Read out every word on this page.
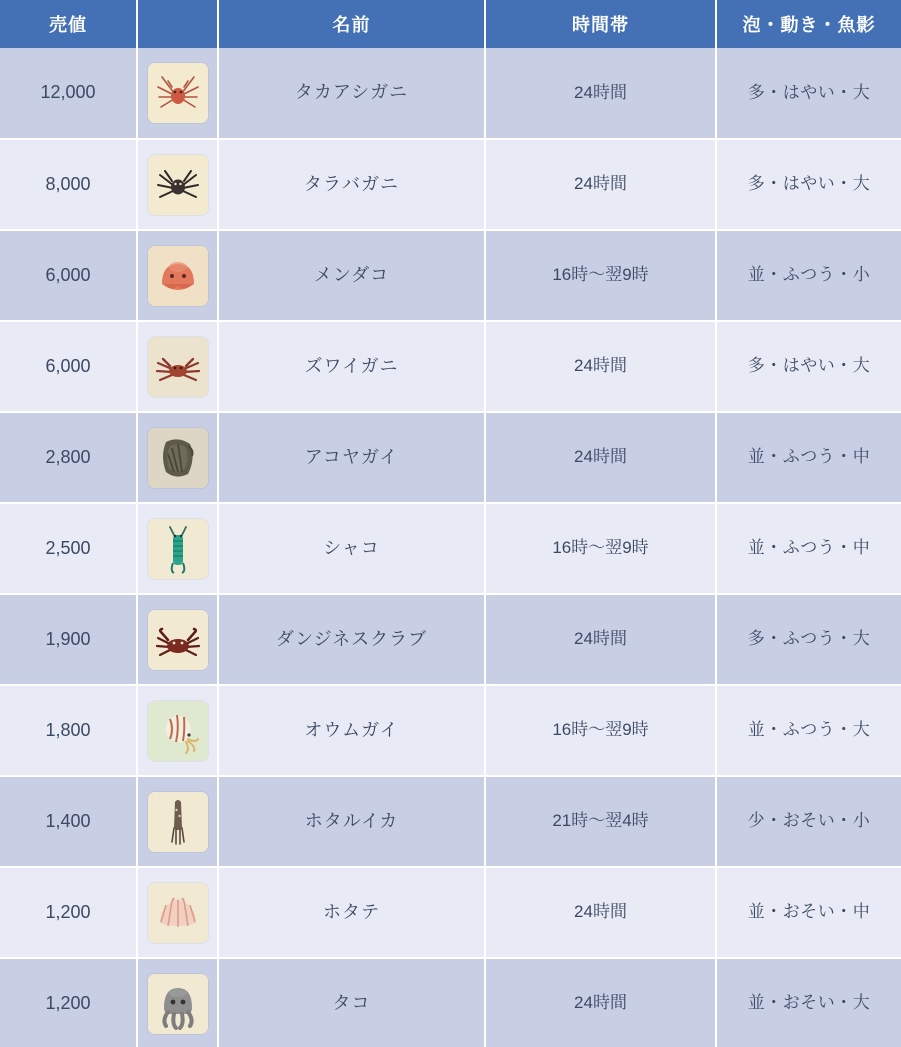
売値		名前	時間帯	泡・動き・魚影

12,000		タカアシガニ	24時間	多・はやい・大
8,000		タラバガニ	24時間	多・はやい・大
6,000		メンダコ	16時〜翌9時	並・ふつう・小
6,000		ズワイガニ	24時間	多・はやい・大
2,800		アコヤガイ	24時間	並・ふつう・中
2,500		シャコ	16時〜翌9時	並・ふつう・中
1,900		ダンジネスクラブ	24時間	多・ふつう・大
1,800		オウムガイ	16時〜翌9時	並・ふつう・大
1,400		ホタルイカ	21時〜翌4時	少・おそい・小
1,200		ホタテ	24時間	並・おそい・中
1,200		タコ	24時間	並・おそい・大
